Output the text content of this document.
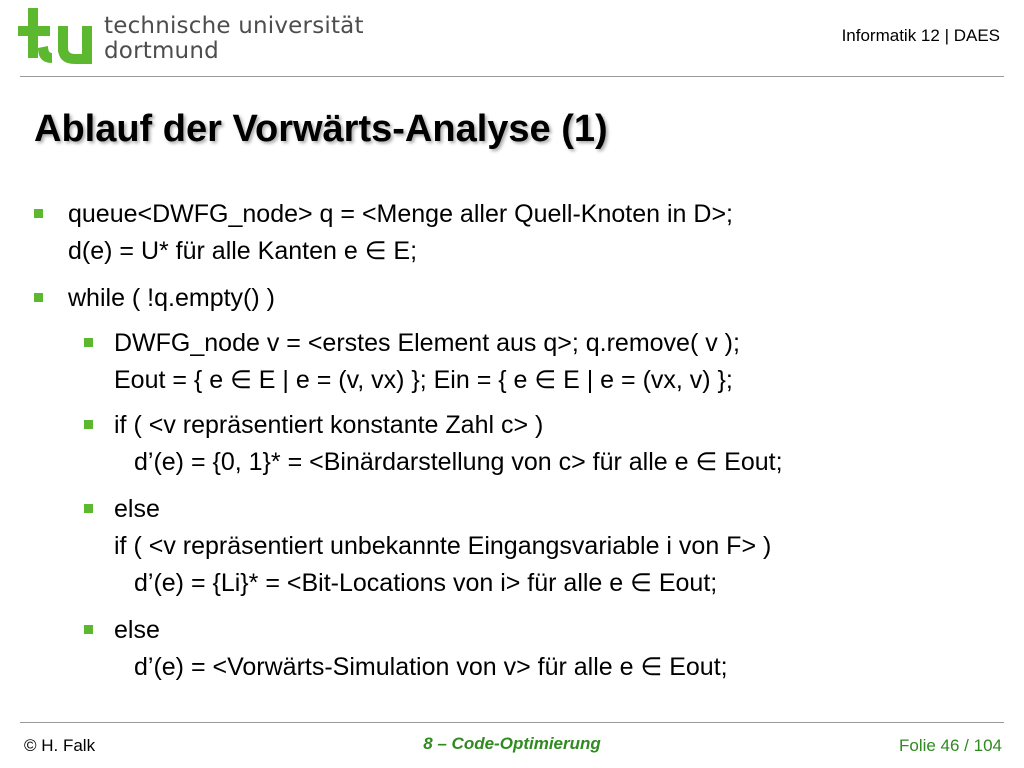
technische universität
dortmund
Informatik 12 | DAES
Ablauf der Vorwärts-Analyse (1)
queue<DWFG_node> q = <Menge aller Quell-Knoten in D>;
d(e) = U* für alle Kanten e ∈ E;
while ( !q.empty() )
DWFG_node v = <erstes Element aus q>; q.remove( v );
Eout = { e ∈ E | e = (v, vx) }; Ein = { e ∈ E | e = (vx, v) };
if ( <v repräsentiert konstante Zahl c> )
d’(e) = {0, 1}* = <Binärdarstellung von c> für alle e ∈ Eout;
else
if ( <v repräsentiert unbekannte Eingangsvariable i von F> )
d’(e) = {Li}* = <Bit-Locations von i> für alle e ∈ Eout;
else
d’(e) = <Vorwärts-Simulation von v> für alle e ∈ Eout;
© H. Falk	8 – Code-Optimierung	Folie 46 / 104
